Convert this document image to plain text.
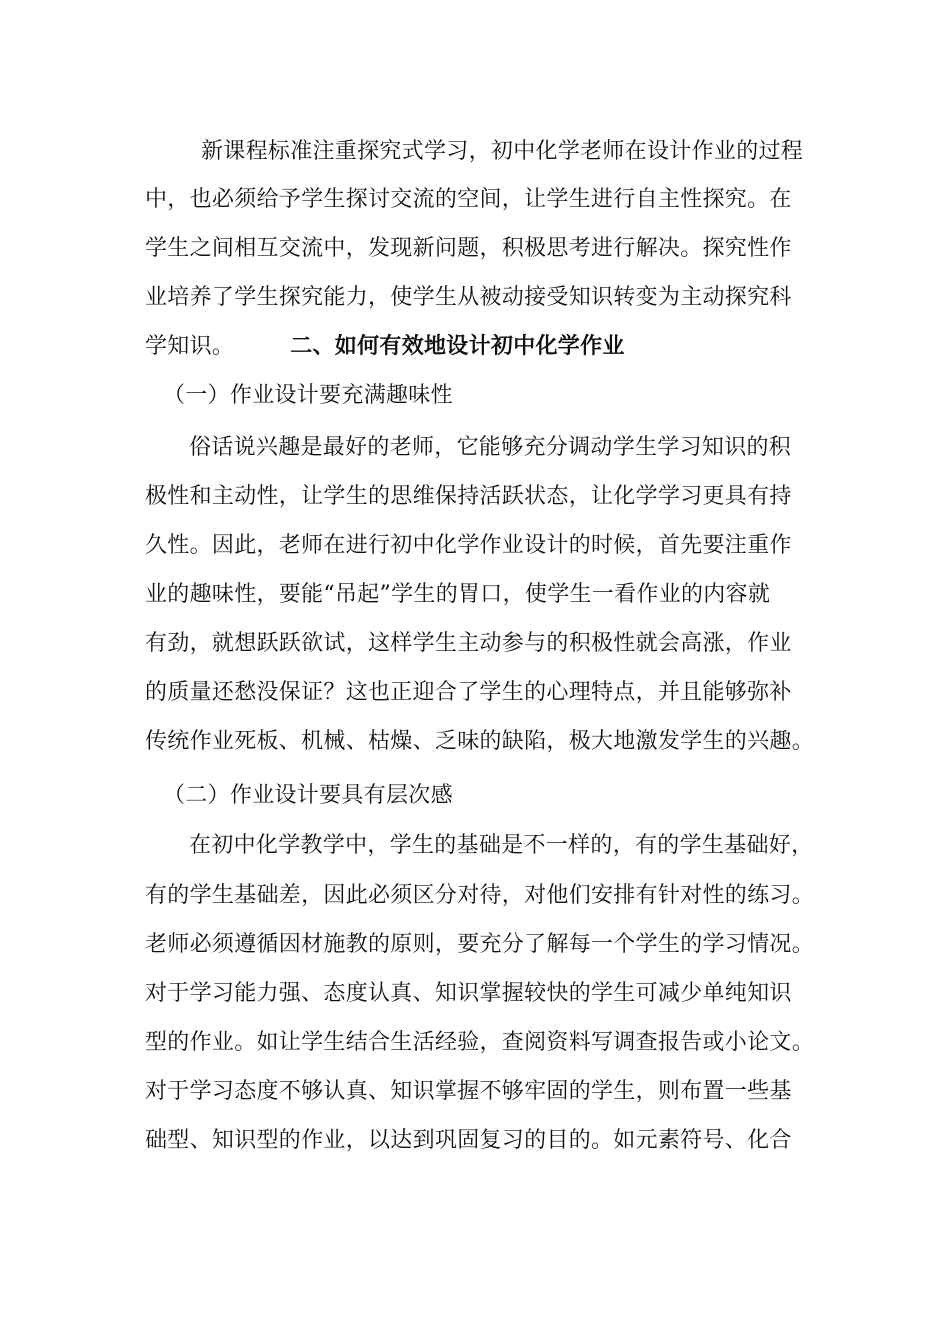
新课程标准注重探究式学习，初中化学老师在设计作业的过程
中，也必须给予学生探讨交流的空间，让学生进行自主性探究。在
学生之间相互交流中，发现新问题，积极思考进行解决。探究性作
业培养了学生探究能力，使学生从被动接受知识转变为主动探究科
学知识。	二、如何有效地设计初中化学作业
（一）作业设计要充满趣味性
俗话说兴趣是最好的老师，它能够充分调动学生学习知识的积
极性和主动性，让学生的思维保持活跃状态，让化学学习更具有持
久性。因此，老师在进行初中化学作业设计的时候，首先要注重作
业的趣味性，要能“吊起”学生的胃口，使学生一看作业的内容就
有劲，就想跃跃欲试，这样学生主动参与的积极性就会高涨，作业
的质量还愁没保证？这也正迎合了学生的心理特点，并且能够弥补
传统作业死板、机械、枯燥、乏味的缺陷，极大地激发学生的兴趣。
（二）作业设计要具有层次感
在初中化学教学中，学生的基础是不一样的，有的学生基础好，
有的学生基础差，因此必须区分对待，对他们安排有针对性的练习。
老师必须遵循因材施教的原则，要充分了解每一个学生的学习情况。
对于学习能力强、态度认真、知识掌握较快的学生可减少单纯知识
型的作业。如让学生结合生活经验，查阅资料写调查报告或小论文。
对于学习态度不够认真、知识掌握不够牢固的学生，则布置一些基
础型、知识型的作业，以达到巩固复习的目的。如元素符号、化合
